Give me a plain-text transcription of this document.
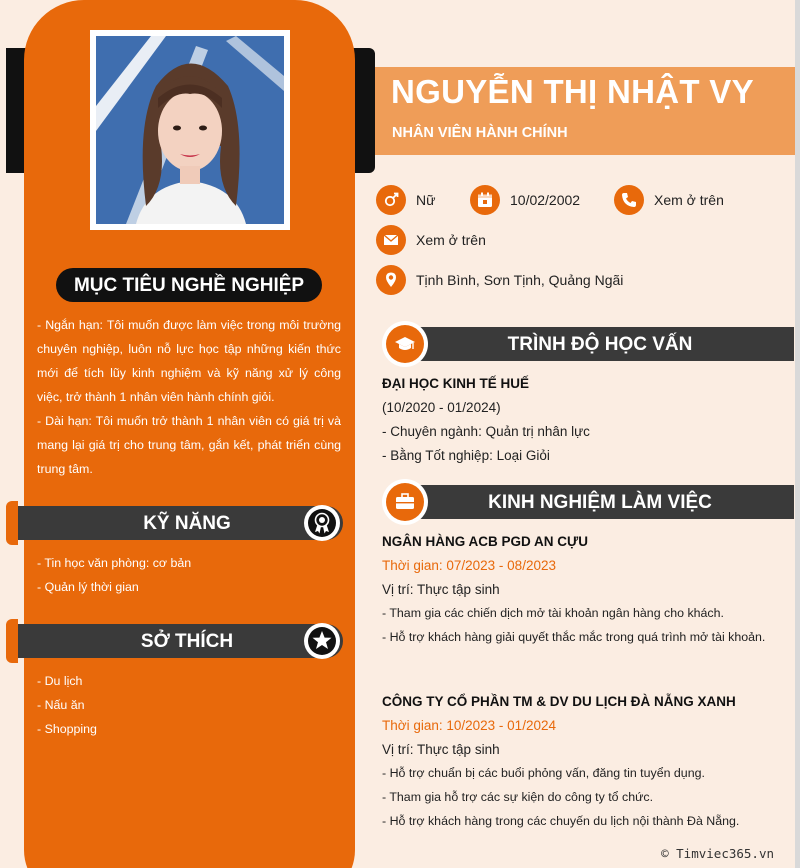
MỤC TIÊU NGHỀ NGHIỆP

- Ngắn hạn: Tôi muốn được làm việc trong môi trường chuyên nghiệp, luôn nỗ lực học tập những kiến thức mới để tích lũy kinh nghiệm và kỹ năng xử lý công việc, trở thành 1 nhân viên hành chính giỏi.

- Dài hạn: Tôi muốn trở thành 1 nhân viên có giá trị và mang lại giá trị cho trung tâm, gắn kết, phát triển cùng trung tâm.

KỸ NĂNG
- Tin học văn phòng: cơ bản
- Quản lý thời gian
SỞ THÍCH
- Du lịch
- Nấu ăn
- Shopping
NGUYỄN THỊ NHẬT VY
NHÂN VIÊN HÀNH CHÍNH
Nữ	10/02/2002	Xem ở trên
Xem ở trên
Tịnh Bình, Sơn Tịnh, Quảng Ngãi
TRÌNH ĐỘ HỌC VẤN
ĐẠI HỌC KINH TẾ HUẾ
(10/2020 - 01/2024)
- Chuyên ngành: Quản trị nhân lực
- Bằng Tốt nghiệp: Loại Giỏi
KINH NGHIỆM LÀM VIỆC
NGÂN HÀNG ACB PGD AN CỰU
Thời gian: 07/2023 - 08/2023
Vị trí: Thực tập sinh
- Tham gia các chiến dịch mở tài khoản ngân hàng cho khách.
- Hỗ trợ khách hàng giải quyết thắc mắc trong quá trình mở tài khoản.
CÔNG TY CỔ PHẦN TM & DV DU LỊCH ĐÀ NẴNG XANH
Thời gian: 10/2023 - 01/2024
Vị trí: Thực tập sinh
- Hỗ trợ chuẩn bị các buổi phỏng vấn, đăng tin tuyển dụng.
- Tham gia hỗ trợ các sự kiện do công ty tổ chức.
- Hỗ trợ khách hàng trong các chuyến du lịch nội thành Đà Nẵng.
© Timviec365.vn
